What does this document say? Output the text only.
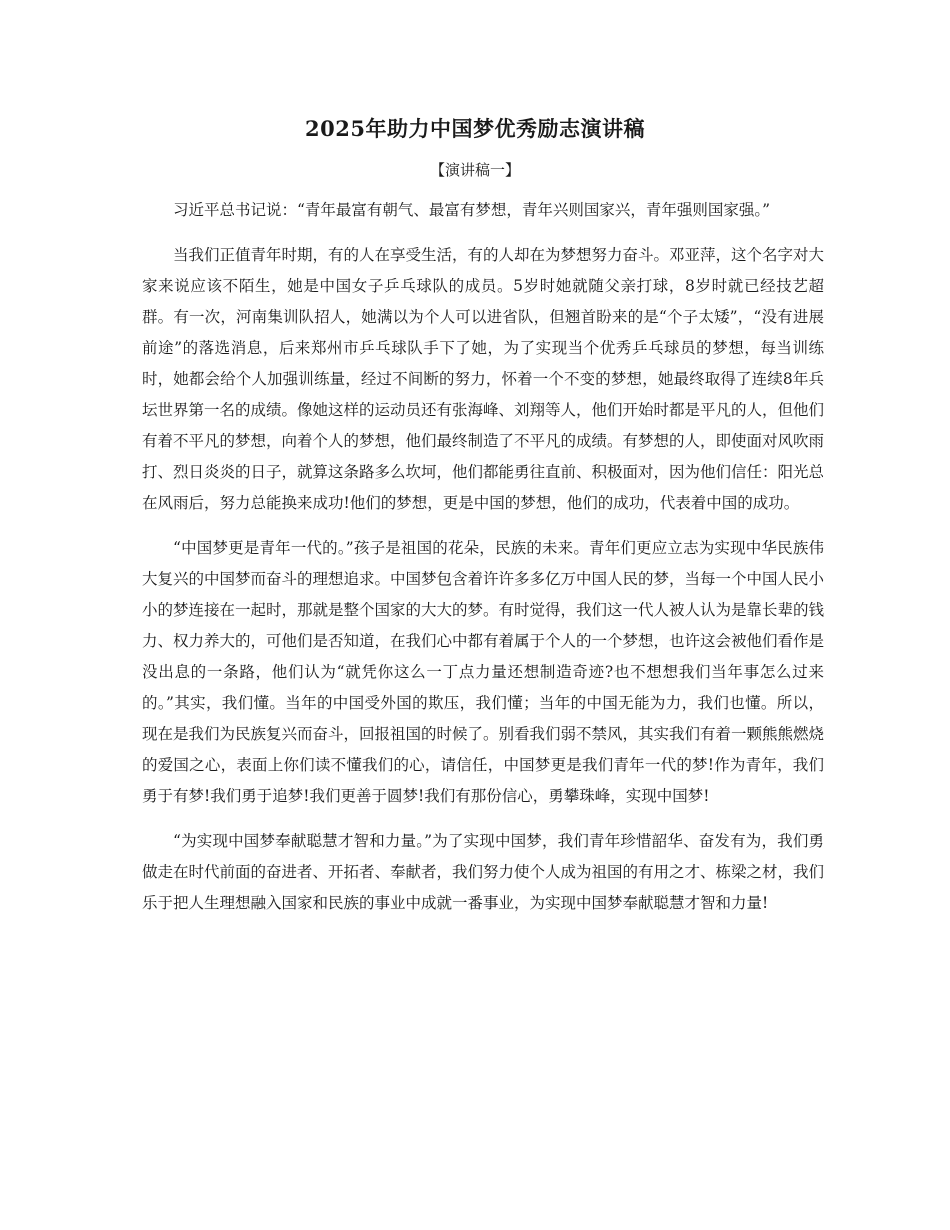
2025年助力中国梦优秀励志演讲稿
【演讲稿一】

习近平总书记说：“青年最富有朝气、最富有梦想，青年兴则国家兴，青年强则国家强。”

当我们正值青年时期，有的人在享受生活，有的人却在为梦想努力奋斗。邓亚萍，这个名字对大家来说应该不陌生，她是中国女子乒乓球队的成员。5岁时她就随父亲打球，8岁时就已经技艺超群。有一次，河南集训队招人，她满以为个人可以进省队，但翘首盼来的是“个子太矮”，“没有进展前途”的落选消息，后来郑州市乒乓球队手下了她，为了实现当个优秀乒乓球员的梦想，每当训练时，她都会给个人加强训练量，经过不间断的努力，怀着一个不变的梦想，她最终取得了连续8年兵坛世界第一名的成绩。像她这样的运动员还有张海峰、刘翔等人，他们开始时都是平凡的人，但他们有着不平凡的梦想，向着个人的梦想，他们最终制造了不平凡的成绩。有梦想的人，即使面对风吹雨打、烈日炎炎的日子，就算这条路多么坎坷，他们都能勇往直前、积极面对，因为他们信任：阳光总在风雨后，努力总能换来成功!他们的梦想，更是中国的梦想，他们的成功，代表着中国的成功。

“中国梦更是青年一代的。”孩子是祖国的花朵，民族的未来。青年们更应立志为实现中华民族伟大复兴的中国梦而奋斗的理想追求。中国梦包含着许许多多亿万中国人民的梦，当每一个中国人民小小的梦连接在一起时，那就是整个国家的大大的梦。有时觉得，我们这一代人被人认为是靠长辈的钱力、权力养大的，可他们是否知道，在我们心中都有着属于个人的一个梦想，也许这会被他们看作是没出息的一条路，他们认为“就凭你这么一丁点力量还想制造奇迹?也不想想我们当年事怎么过来的。”其实，我们懂。当年的中国受外国的欺压，我们懂；当年的中国无能为力，我们也懂。所以，现在是我们为民族复兴而奋斗，回报祖国的时候了。别看我们弱不禁风，其实我们有着一颗熊熊燃烧的爱国之心，表面上你们读不懂我们的心，请信任，中国梦更是我们青年一代的梦!作为青年，我们勇于有梦!我们勇于追梦!我们更善于圆梦!我们有那份信心，勇攀珠峰，实现中国梦!

“为实现中国梦奉献聪慧才智和力量。”为了实现中国梦，我们青年珍惜韶华、奋发有为，我们勇做走在时代前面的奋进者、开拓者、奉献者，我们努力使个人成为祖国的有用之才、栋梁之材，我们乐于把人生理想融入国家和民族的事业中成就一番事业，为实现中国梦奉献聪慧才智和力量!
